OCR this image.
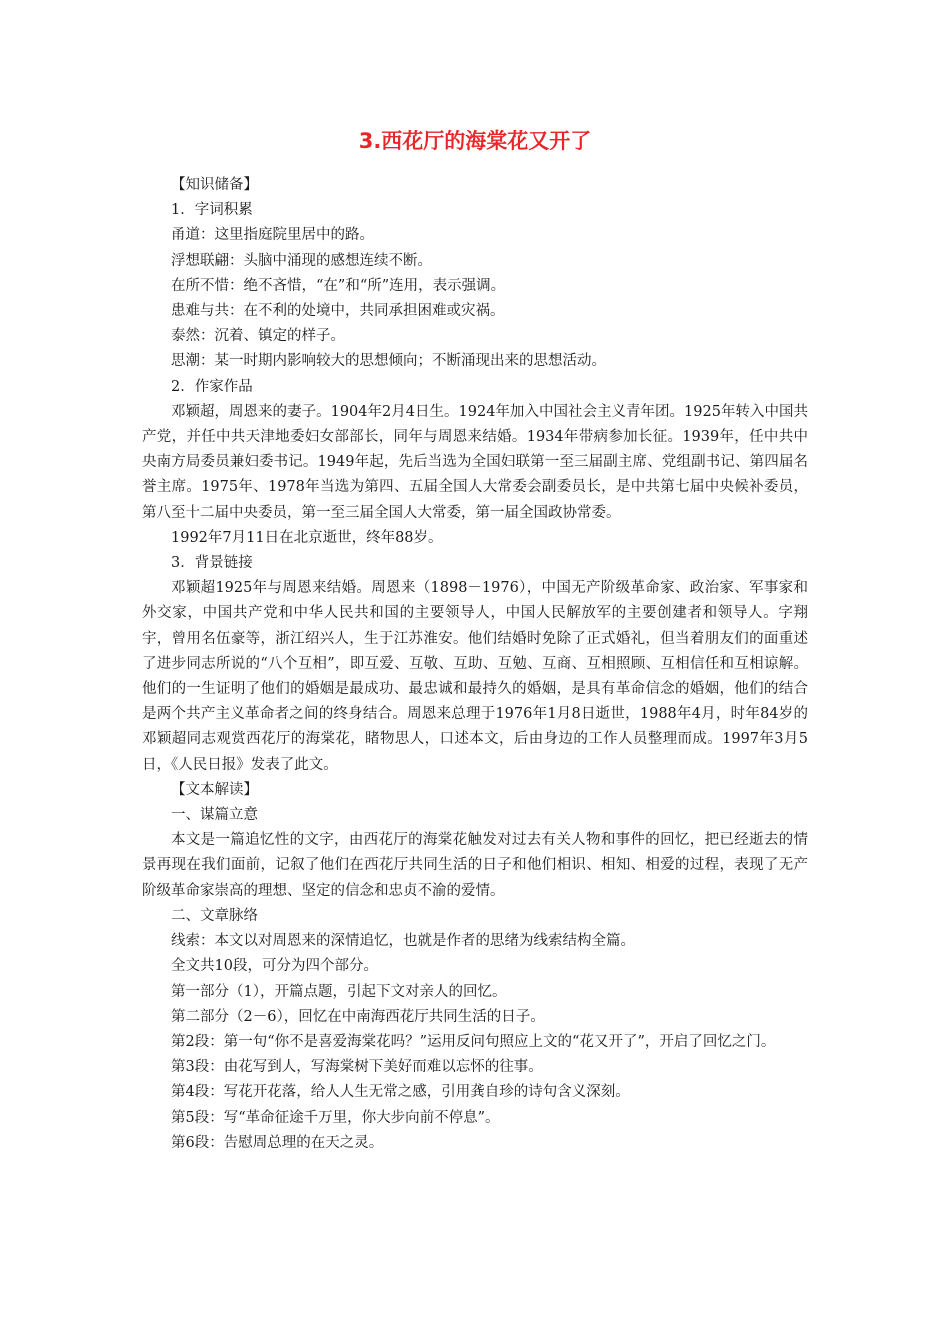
3.西花厅的海棠花又开了

【知识储备】

1．字词积累

甬道：这里指庭院里居中的路。

浮想联翩：头脑中涌现的感想连续不断。

在所不惜：绝不吝惜，“在”和“所”连用，表示强调。

患难与共：在不利的处境中，共同承担困难或灾祸。

泰然：沉着、镇定的样子。

思潮：某一时期内影响较大的思想倾向；不断涌现出来的思想活动。

2．作家作品

邓颖超，周恩来的妻子。1904年2月4日生。1924年加入中国社会主义青年团。1925年转入中国共产党，并任中共天津地委妇女部部长，同年与周恩来结婚。1934年带病参加长征。1939年，任中共中央南方局委员兼妇委书记。1949年起，先后当选为全国妇联第一至三届副主席、党组副书记、第四届名誉主席。1975年、1978年当选为第四、五届全国人大常委会副委员长，是中共第七届中央候补委员，第八至十二届中央委员，第一至三届全国人大常委，第一届全国政协常委。

1992年7月11日在北京逝世，终年88岁。

3．背景链接

邓颖超1925年与周恩来结婚。周恩来（1898－1976），中国无产阶级革命家、政治家、军事家和外交家，中国共产党和中华人民共和国的主要领导人，中国人民解放军的主要创建者和领导人。字翔宇，曾用名伍豪等，浙江绍兴人，生于江苏淮安。他们结婚时免除了正式婚礼，但当着朋友们的面重述了进步同志所说的“八个互相”，即互爱、互敬、互助、互勉、互商、互相照顾、互相信任和互相谅解。他们的一生证明了他们的婚姻是最成功、最忠诚和最持久的婚姻，是具有革命信念的婚姻，他们的结合是两个共产主义革命者之间的终身结合。周恩来总理于1976年1月8日逝世，1988年4月，时年84岁的邓颖超同志观赏西花厅的海棠花，睹物思人，口述本文，后由身边的工作人员整理而成。1997年3月5日，《人民日报》发表了此文。

【文本解读】

一、谋篇立意

本文是一篇追忆性的文字，由西花厅的海棠花触发对过去有关人物和事件的回忆，把已经逝去的情景再现在我们面前，记叙了他们在西花厅共同生活的日子和他们相识、相知、相爱的过程，表现了无产阶级革命家崇高的理想、坚定的信念和忠贞不渝的爱情。

二、文章脉络

线索：本文以对周恩来的深情追忆，也就是作者的思绪为线索结构全篇。

全文共10段，可分为四个部分。

第一部分（1），开篇点题，引起下文对亲人的回忆。

第二部分（2－6），回忆在中南海西花厅共同生活的日子。

第2段：第一句“你不是喜爱海棠花吗？”运用反问句照应上文的“花又开了”，开启了回忆之门。

第3段：由花写到人，写海棠树下美好而难以忘怀的往事。

第4段：写花开花落，给人人生无常之感，引用龚自珍的诗句含义深刻。

第5段：写“革命征途千万里，你大步向前不停息”。

第6段：告慰周总理的在天之灵。
